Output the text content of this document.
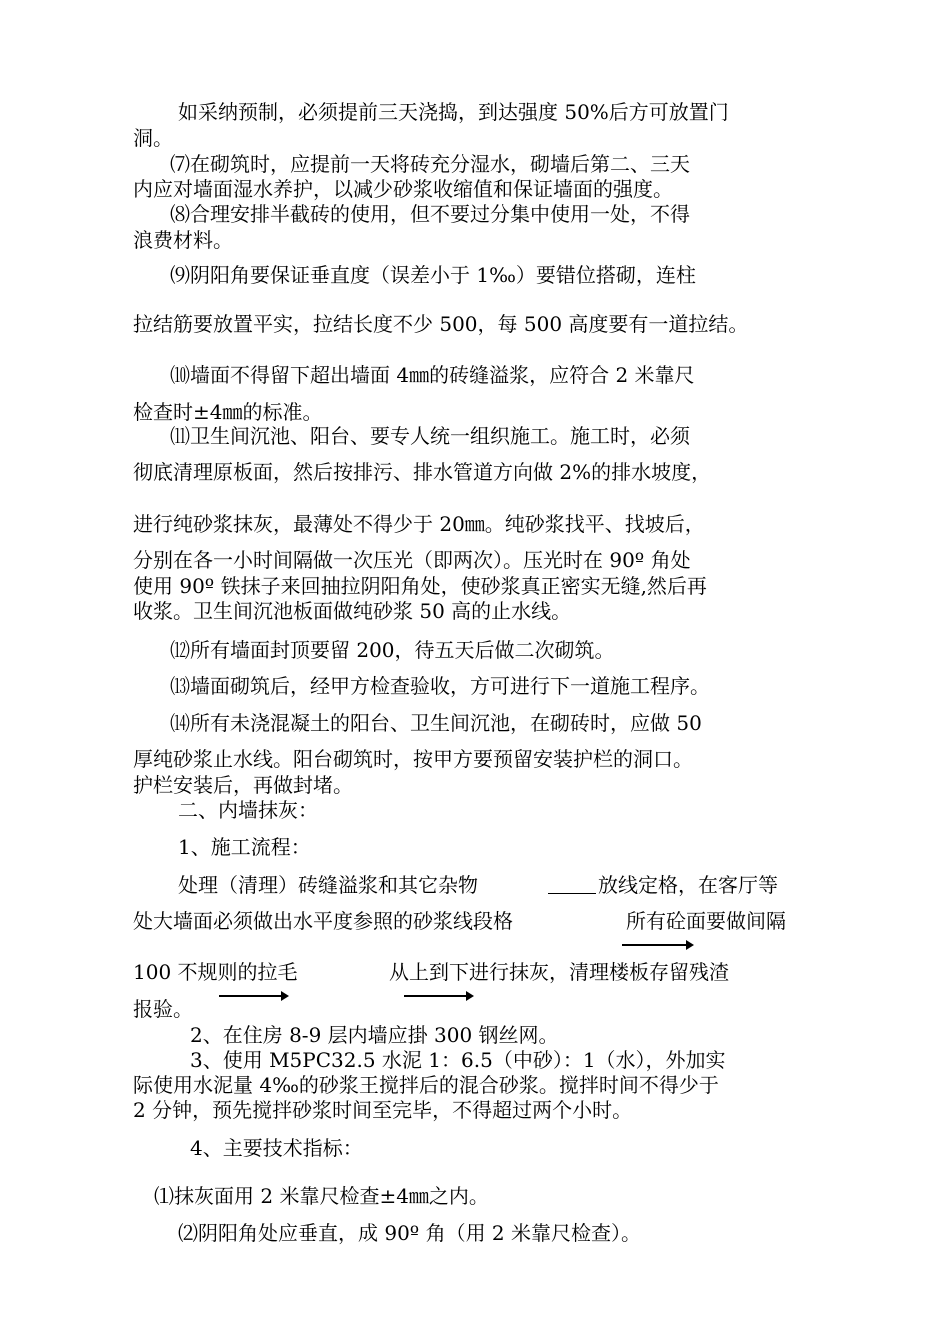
如采纳预制，必须提前三天浇捣，到达强度 50%后方可放置门
洞。
⑺在砌筑时，应提前一天将砖充分湿水，砌墙后第二、三天
内应对墙面湿水养护，以减少砂浆收缩值和保证墙面的强度。
⑻合理安排半截砖的使用，但不要过分集中使用一处，不得
浪费材料。
⑼阴阳角要保证垂直度（误差小于 1‰）要错位搭砌，连柱
拉结筋要放置平实，拉结长度不少 500，每 500 高度要有一道拉结。
⑽墙面不得留下超出墙面 4㎜的砖缝溢浆，应符合 2 米靠尺
检查时±4㎜的标准。
⑾卫生间沉池、阳台、要专人统一组织施工。施工时，必须
彻底清理原板面，然后按排污、排水管道方向做 2%的排水坡度，
进行纯砂浆抹灰，最薄处不得少于 20㎜。纯砂浆找平、找坡后，
分别在各一小时间隔做一次压光（即两次）。压光时在 90º 角处
使用 90º 铁抹子来回抽拉阴阳角处，使砂浆真正密实无缝,然后再
收浆。卫生间沉池板面做纯砂浆 50 高的止水线。
⑿所有墙面封顶要留 200，待五天后做二次砌筑。
⒀墙面砌筑后，经甲方检查验收，方可进行下一道施工程序。
⒁所有未浇混凝土的阳台、卫生间沉池，在砌砖时，应做 50
厚纯砂浆止水线。阳台砌筑时，按甲方要预留安装护栏的洞口。
护栏安装后，再做封堵。
二、内墙抹灰：
1、施工流程：
处理（清理）砖缝溢浆和其它杂物	放线定格，在客厅等
处大墙面必须做出水平度参照的砂浆线段格	所有砼面要做间隔
100 不规则的拉毛	从上到下进行抹灰，清理楼板存留残渣
报验。
2、在住房 8-9 层内墙应掛 300 钢丝网。
3、使用 M5PC32.5 水泥 1：6.5（中砂）：1（水），外加实
际使用水泥量 4‰的砂浆王搅拌后的混合砂浆。搅拌时间不得少于
2 分钟，预先搅拌砂浆时间至完毕，不得超过两个小时。
4、主要技术指标：
⑴抹灰面用 2 米靠尺检查±4㎜之内。
⑵阴阳角处应垂直，成 90º 角（用 2 米靠尺检查）。
